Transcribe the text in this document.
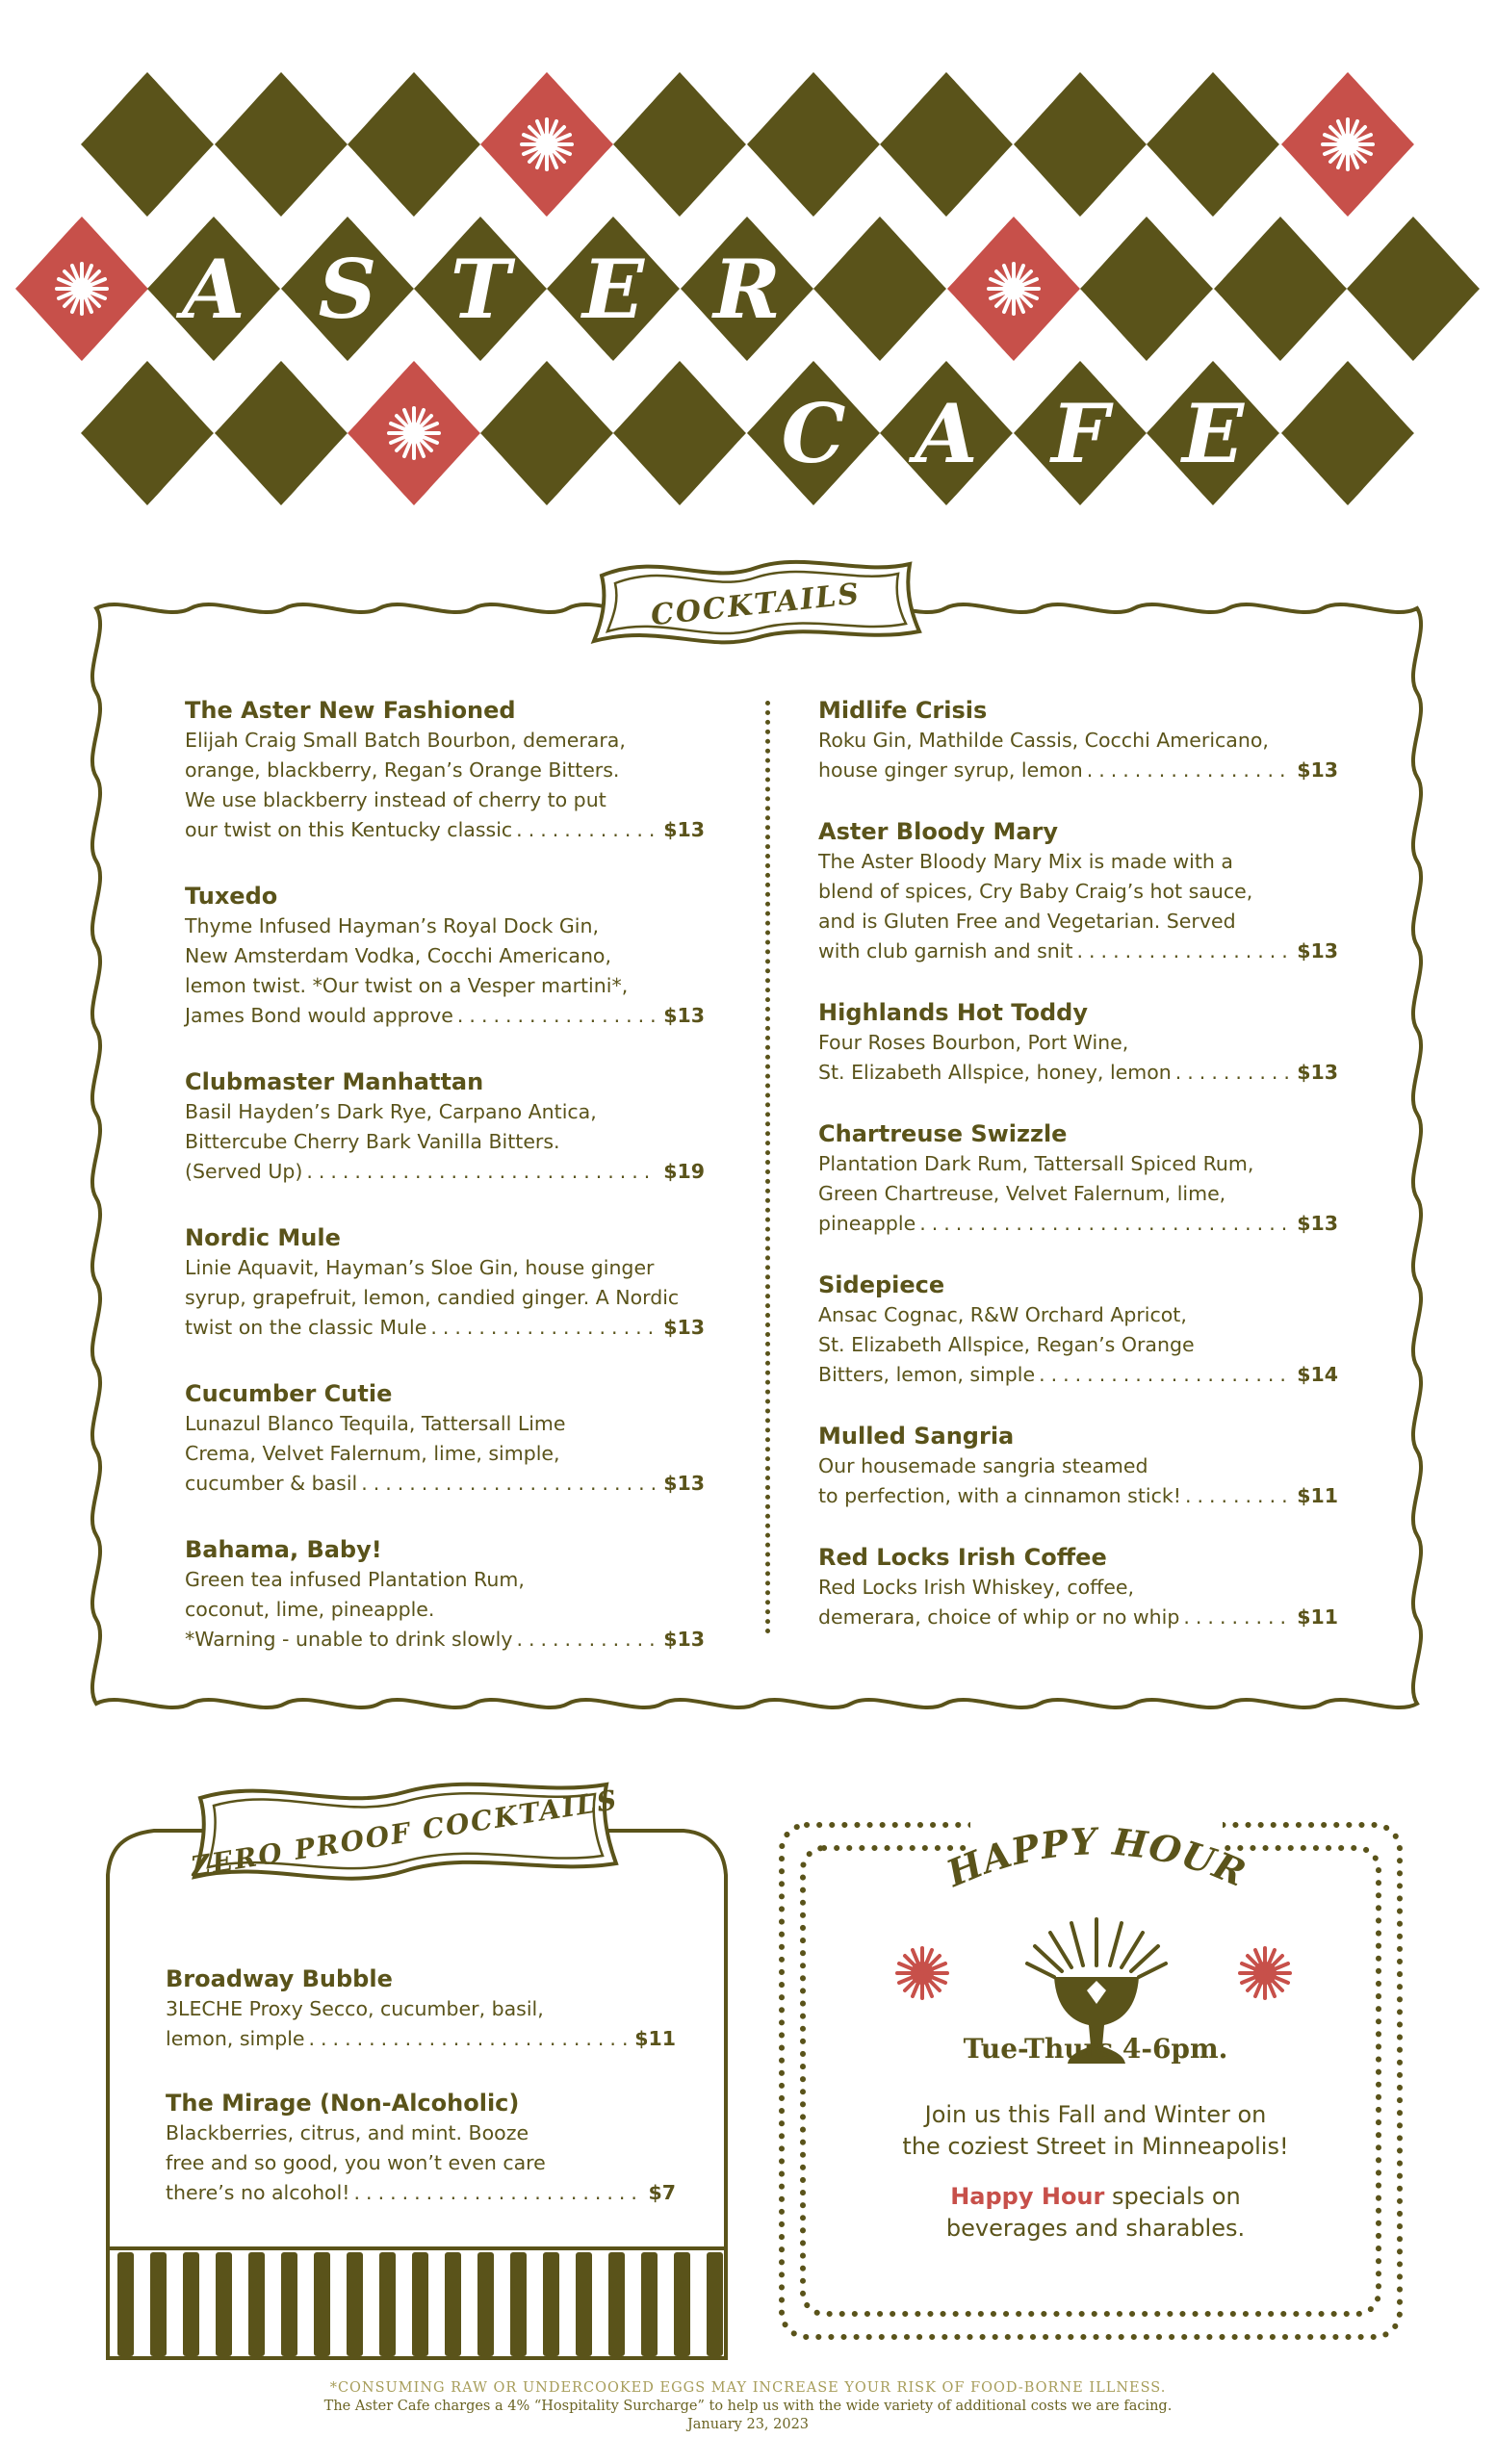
A S T E R
C A F E
COCKTAILS
The Aster New Fashioned
Elijah Craig Small Batch Bourbon, demerara,
orange, blackberry, Regan’s Orange Bitters.
We use blackberry instead of cherry to put
our twist on this Kentucky classic .....	$13
Tuxedo
Thyme Infused Hayman’s Royal Dock Gin,
New Amsterdam Vodka, Cocchi Americano,
lemon twist. *Our twist on a Vesper martini*,
James Bond would approve .....	$13
Clubmaster Manhattan
Basil Hayden’s Dark Rye, Carpano Antica,
Bittercube Cherry Bark Vanilla Bitters.
(Served Up) .....	$19
Nordic Mule
Linie Aquavit, Hayman’s Sloe Gin, house ginger
syrup, grapefruit, lemon, candied ginger. A Nordic
twist on the classic Mule .....	$13
Cucumber Cutie
Lunazul Blanco Tequila, Tattersall Lime
Crema, Velvet Falernum, lime, simple,
cucumber & basil .....	$13
Bahama, Baby!
Green tea infused Plantation Rum,
coconut, lime, pineapple.
*Warning - unable to drink slowly .....	$13
Midlife Crisis
Roku Gin, Mathilde Cassis, Cocchi Americano,
house ginger syrup, lemon .....	$13
Aster Bloody Mary
The Aster Bloody Mary Mix is made with a
blend of spices, Cry Baby Craig’s hot sauce,
and is Gluten Free and Vegetarian. Served
with club garnish and snit .....	$13
Highlands Hot Toddy
Four Roses Bourbon, Port Wine,
St. Elizabeth Allspice, honey, lemon .....	$13
Chartreuse Swizzle
Plantation Dark Rum, Tattersall Spiced Rum,
Green Chartreuse, Velvet Falernum, lime,
pineapple .....	$13
Sidepiece
Ansac Cognac, R&W Orchard Apricot,
St. Elizabeth Allspice, Regan’s Orange
Bitters, lemon, simple .....	$14
Mulled Sangria
Our housemade sangria steamed
to perfection, with a cinnamon stick! .....	$11
Red Locks Irish Coffee
Red Locks Irish Whiskey, coffee,
demerara, choice of whip or no whip .....	$11
ZERO PROOF COCKTAILS
Broadway Bubble
3LECHE Proxy Secco, cucumber, basil,
lemon, simple .....	$11
The Mirage (Non-Alcoholic)
Blackberries, citrus, and mint. Booze
free and so good, you won’t even care
there’s no alcohol! .....	$7
HAPPY HOUR
Tue-Thurs 4-6pm.
Join us this Fall and Winter on
the coziest Street in Minneapolis!
Happy Hour specials on
beverages and sharables.
*CONSUMING RAW OR UNDERCOOKED EGGS MAY INCREASE YOUR RISK OF FOOD-BORNE ILLNESS.
The Aster Cafe charges a 4% “Hospitality Surcharge” to help us with the wide variety of additional costs we are facing.
January 23, 2023
